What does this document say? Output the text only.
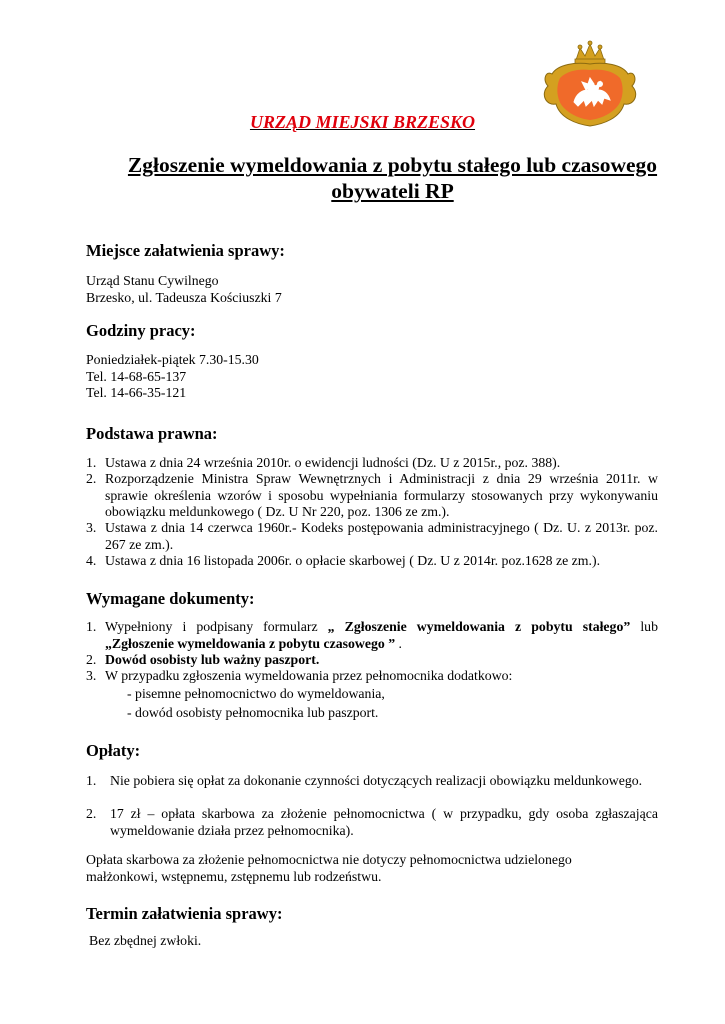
URZĄD MIEJSKI BRZESKO
Zgłoszenie wymeldowania z pobytu stałego lub czasowego
obywateli RP
Miejsce załatwienia sprawy:
Urząd Stanu Cywilnego
Brzesko, ul. Tadeusza Kościuszki 7
Godziny pracy:
Poniedziałek-piątek 7.30-15.30
Tel. 14-68-65-137
Tel. 14-66-35-121
Podstawa prawna:
1. Ustawa z dnia 24 września 2010r. o ewidencji ludności (Dz. U z 2015r., poz. 388).
2. Rozporządzenie Ministra Spraw Wewnętrznych i Administracji z dnia 29 września 2011r. w sprawie określenia wzorów i sposobu wypełniania formularzy stosowanych przy wykonywaniu obowiązku meldunkowego ( Dz. U Nr 220, poz. 1306 ze zm.).
3. Ustawa z dnia 14 czerwca 1960r.- Kodeks postępowania administracyjnego ( Dz. U. z 2013r. poz. 267 ze zm.).
4. Ustawa z dnia 16 listopada 2006r. o opłacie skarbowej ( Dz. U z 2014r. poz.1628 ze zm.).
Wymagane dokumenty:
1. Wypełniony i podpisany formularz „ Zgłoszenie wymeldowania z pobytu stałego” lub „Zgłoszenie wymeldowania z pobytu czasowego ” .
2. Dowód osobisty lub ważny paszport.
3. W przypadku zgłoszenia wymeldowania przez pełnomocnika dodatkowo:
- pisemne pełnomocnictwo do wymeldowania,
- dowód osobisty pełnomocnika lub paszport.
Opłaty:
1. Nie pobiera się opłat za dokonanie czynności dotyczących realizacji obowiązku meldunkowego.
2. 17 zł – opłata skarbowa za złożenie pełnomocnictwa ( w przypadku, gdy osoba zgłaszająca wymeldowanie działa przez pełnomocnika).
Opłata skarbowa za złożenie pełnomocnictwa nie dotyczy pełnomocnictwa udzielonego małżonkowi, wstępnemu, zstępnemu lub rodzeństwu.
Termin załatwienia sprawy:
Bez zbędnej zwłoki.
